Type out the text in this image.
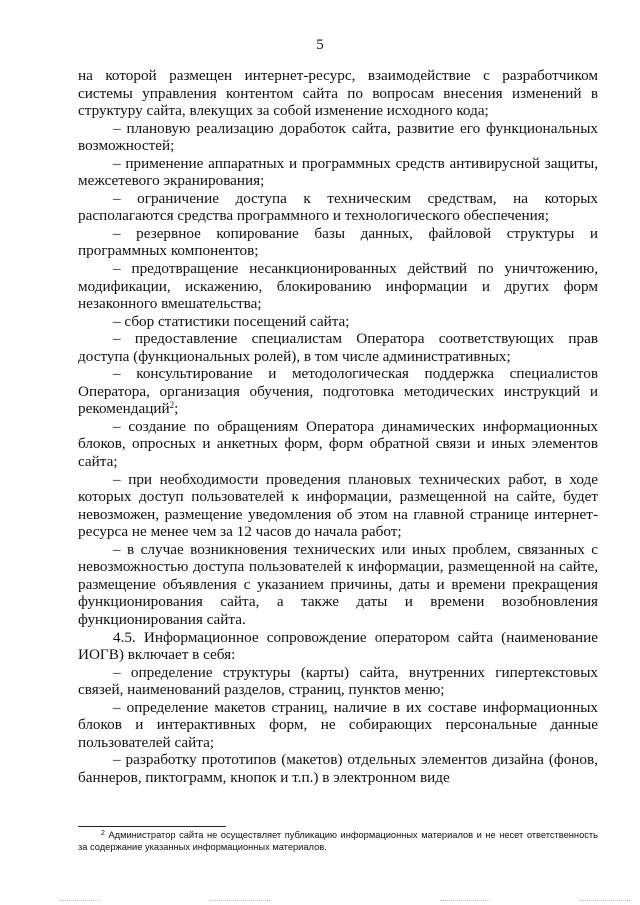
5

на которой размещен интернет-ресурс, взаимодействие с разработчиком системы управления контентом сайта по вопросам внесения изменений в структуру сайта, влекущих за собой изменение исходного кода;

– плановую реализацию доработок сайта, развитие его функциональных возможностей;

– применение аппаратных и программных средств антивирусной защиты, межсетевого экранирования;

– ограничение доступа к техническим средствам, на которых располагаются средства программного и технологического обеспечения;

– резервное копирование базы данных, файловой структуры и программных компонентов;

– предотвращение несанкционированных действий по уничтожению, модификации, искажению, блокированию информации и других форм незаконного вмешательства;

– сбор статистики посещений сайта;

– предоставление специалистам Оператора соответствующих прав доступа (функциональных ролей), в том числе административных;

– консультирование и методологическая поддержка специалистов Оператора, организация обучения, подготовка методических инструкций и рекомендаций$^2$;

– создание по обращениям Оператора динамических информационных блоков, опросных и анкетных форм, форм обратной связи и иных элементов сайта;

– при необходимости проведения плановых технических работ, в ходе которых доступ пользователей к информации, размещенной на сайте, будет невозможен, размещение уведомления об этом на главной странице интернет-ресурса не менее чем за 12 часов до начала работ;

– в случае возникновения технических или иных проблем, связанных с невозможностью доступа пользователей к информации, размещенной на сайте, размещение объявления с указанием причины, даты и времени прекращения функционирования сайта, а также даты и времени возобновления функционирования сайта.

4.5. Информационное сопровождение оператором сайта (наименование ИОГВ) включает в себя:

– определение структуры (карты) сайта, внутренних гипертекстовых связей, наименований разделов, страниц, пунктов меню;

– определение макетов страниц, наличие в их составе информационных блоков и интерактивных форм, не собирающих персональные данные пользователей сайта;

– разработку прототипов (макетов) отдельных элементов дизайна (фонов, баннеров, пиктограмм, кнопок и т.п.) в электронном виде

$^2$ Администратор сайта не осуществляет публикацию информационных материалов и не несет ответственность за содержание указанных информационных материалов.
